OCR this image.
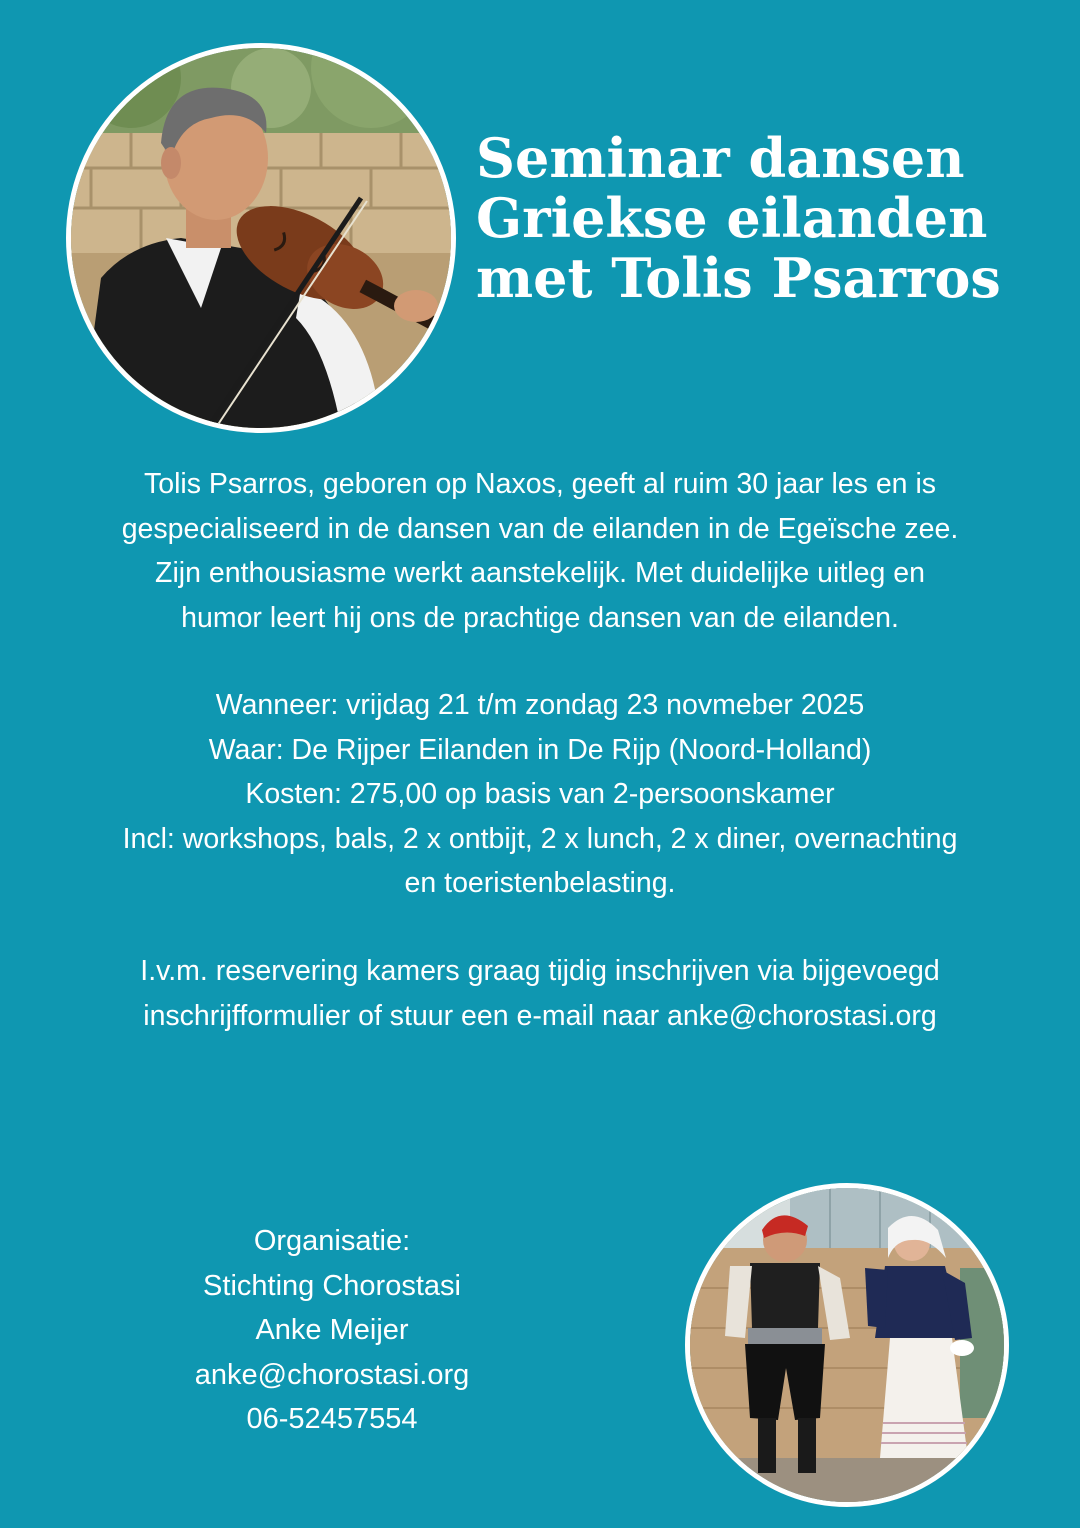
Seminar dansen
Griekse eilanden
met Tolis Psarros
Tolis Psarros, geboren op Naxos, geeft al ruim 30 jaar les en is
gespecialiseerd in de dansen van de eilanden in de Egeïsche zee.
Zijn enthousiasme werkt aanstekelijk. Met duidelijke uitleg en
humor leert hij ons de prachtige dansen van de eilanden.
Wanneer: vrijdag 21 t/m zondag 23 novmeber 2025
Waar: De Rijper Eilanden in De Rijp (Noord-Holland)
Kosten: 275,00 op basis van 2-persoonskamer
Incl: workshops, bals, 2 x ontbijt, 2 x lunch, 2 x diner, overnachting
en toeristenbelasting.
I.v.m. reservering kamers graag tijdig inschrijven via bijgevoegd
inschrijfformulier of stuur een e-mail naar anke@chorostasi.org
Organisatie:
Stichting Chorostasi
Anke Meijer
anke@chorostasi.org
06-52457554
